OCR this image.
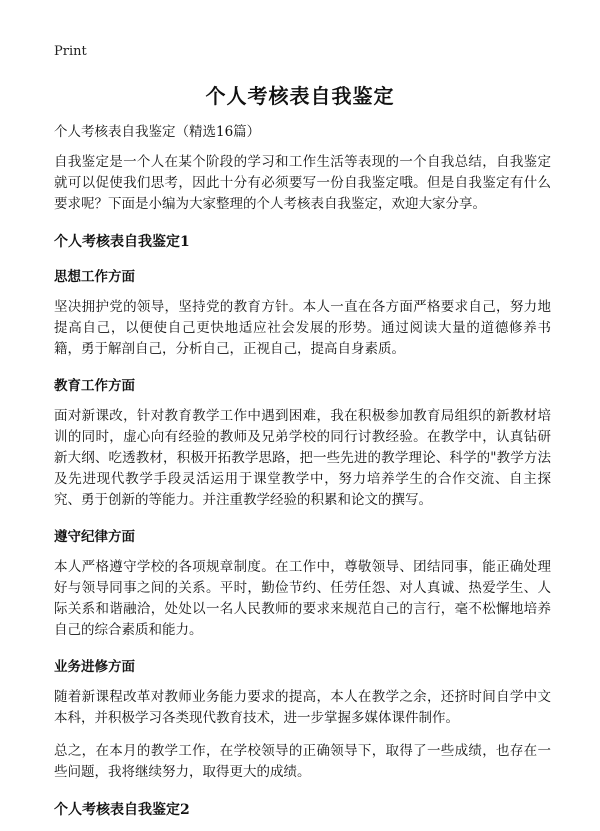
Print
个人考核表自我鉴定
个人考核表自我鉴定（精选16篇）

自我鉴定是一个人在某个阶段的学习和工作生活等表现的一个自我总结，自我鉴定就可以促使我们思考，因此十分有必须要写一份自我鉴定哦。但是自我鉴定有什么要求呢？下面是小编为大家整理的个人考核表自我鉴定，欢迎大家分享。

个人考核表自我鉴定1
思想工作方面

坚决拥护党的领导，坚持党的教育方针。本人一直在各方面严格要求自己，努力地提高自己，以便使自己更快地适应社会发展的形势。通过阅读大量的道德修养书籍，勇于解剖自己，分析自己，正视自己，提高自身素质。

教育工作方面

面对新课改，针对教育教学工作中遇到困难，我在积极参加教育局组织的新教材培训的同时，虚心向有经验的教师及兄弟学校的同行讨教经验。在教学中，认真钻研新大纲、吃透教材，积极开拓教学思路，把一些先进的教学理论、科学的"教学方法及先进现代教学手段灵活运用于课堂教学中，努力培养学生的合作交流、自主探究、勇于创新的等能力。并注重教学经验的积累和论文的撰写。

遵守纪律方面

本人严格遵守学校的各项规章制度。在工作中，尊敬领导、团结同事，能正确处理好与领导同事之间的关系。平时，勤俭节约、任劳任怨、对人真诚、热爱学生、人际关系和谐融洽，处处以一名人民教师的要求来规范自己的言行，毫不松懈地培养自己的综合素质和能力。

业务进修方面

随着新课程改革对教师业务能力要求的提高，本人在教学之余，还挤时间自学中文本科，并积极学习各类现代教育技术，进一步掌握多媒体课件制作。

总之，在本月的教学工作，在学校领导的正确领导下，取得了一些成绩，也存在一些问题，我将继续努力，取得更大的成绩。

个人考核表自我鉴定2
